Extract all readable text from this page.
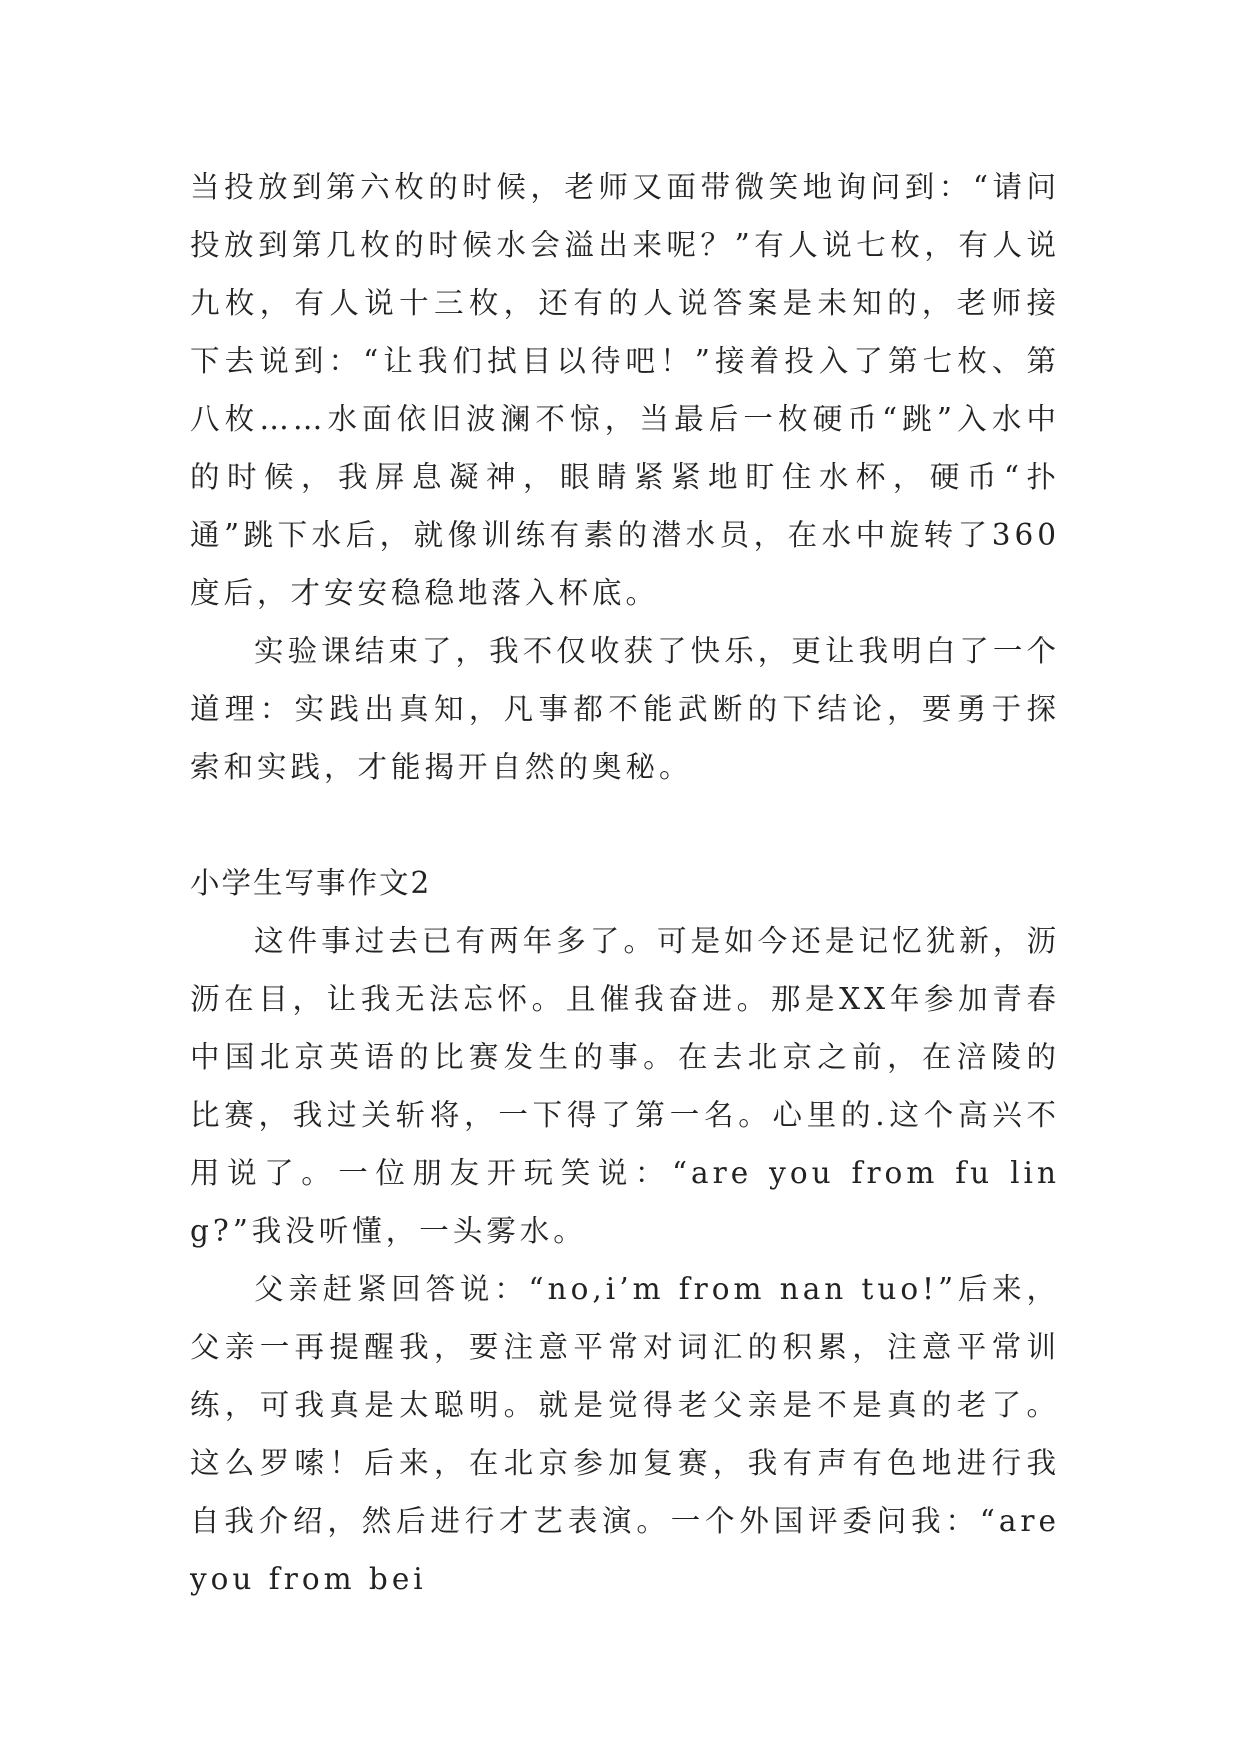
当投放到第六枚的时候，老师又面带微笑地询问到：“请问投放到第几枚的时候水会溢出来呢？”有人说七枚，有人说九枚，有人说十三枚，还有的人说答案是未知的，老师接下去说到：“让我们拭目以待吧！”接着投入了第七枚、第八枚……水面依旧波澜不惊，当最后一枚硬币“跳”入水中的时候，我屏息凝神，眼睛紧紧地盯住水杯，硬币“扑通”跳下水后，就像训练有素的潜水员，在水中旋转了360度后，才安安稳稳地落入杯底。

实验课结束了，我不仅收获了快乐，更让我明白了一个道理：实践出真知，凡事都不能武断的下结论，要勇于探索和实践，才能揭开自然的奥秘。

小学生写事作文2

这件事过去已有两年多了。可是如今还是记忆犹新，沥沥在目，让我无法忘怀。且催我奋进。那是XX年参加青春中国北京英语的比赛发生的事。在去北京之前，在涪陵的比赛，我过关斩将，一下得了第一名。心里的.这个高兴不用说了。一位朋友开玩笑说：“are you from fu ling?”我没听懂，一头雾水。

父亲赶紧回答说：“no,i’m from nan tuo!”后来，父亲一再提醒我，要注意平常对词汇的积累，注意平常训练，可我真是太聪明。就是觉得老父亲是不是真的老了。这么罗嗦！后来，在北京参加复赛，我有声有色地进行我自我介绍，然后进行才艺表演。一个外国评委问我：“are you from bei
